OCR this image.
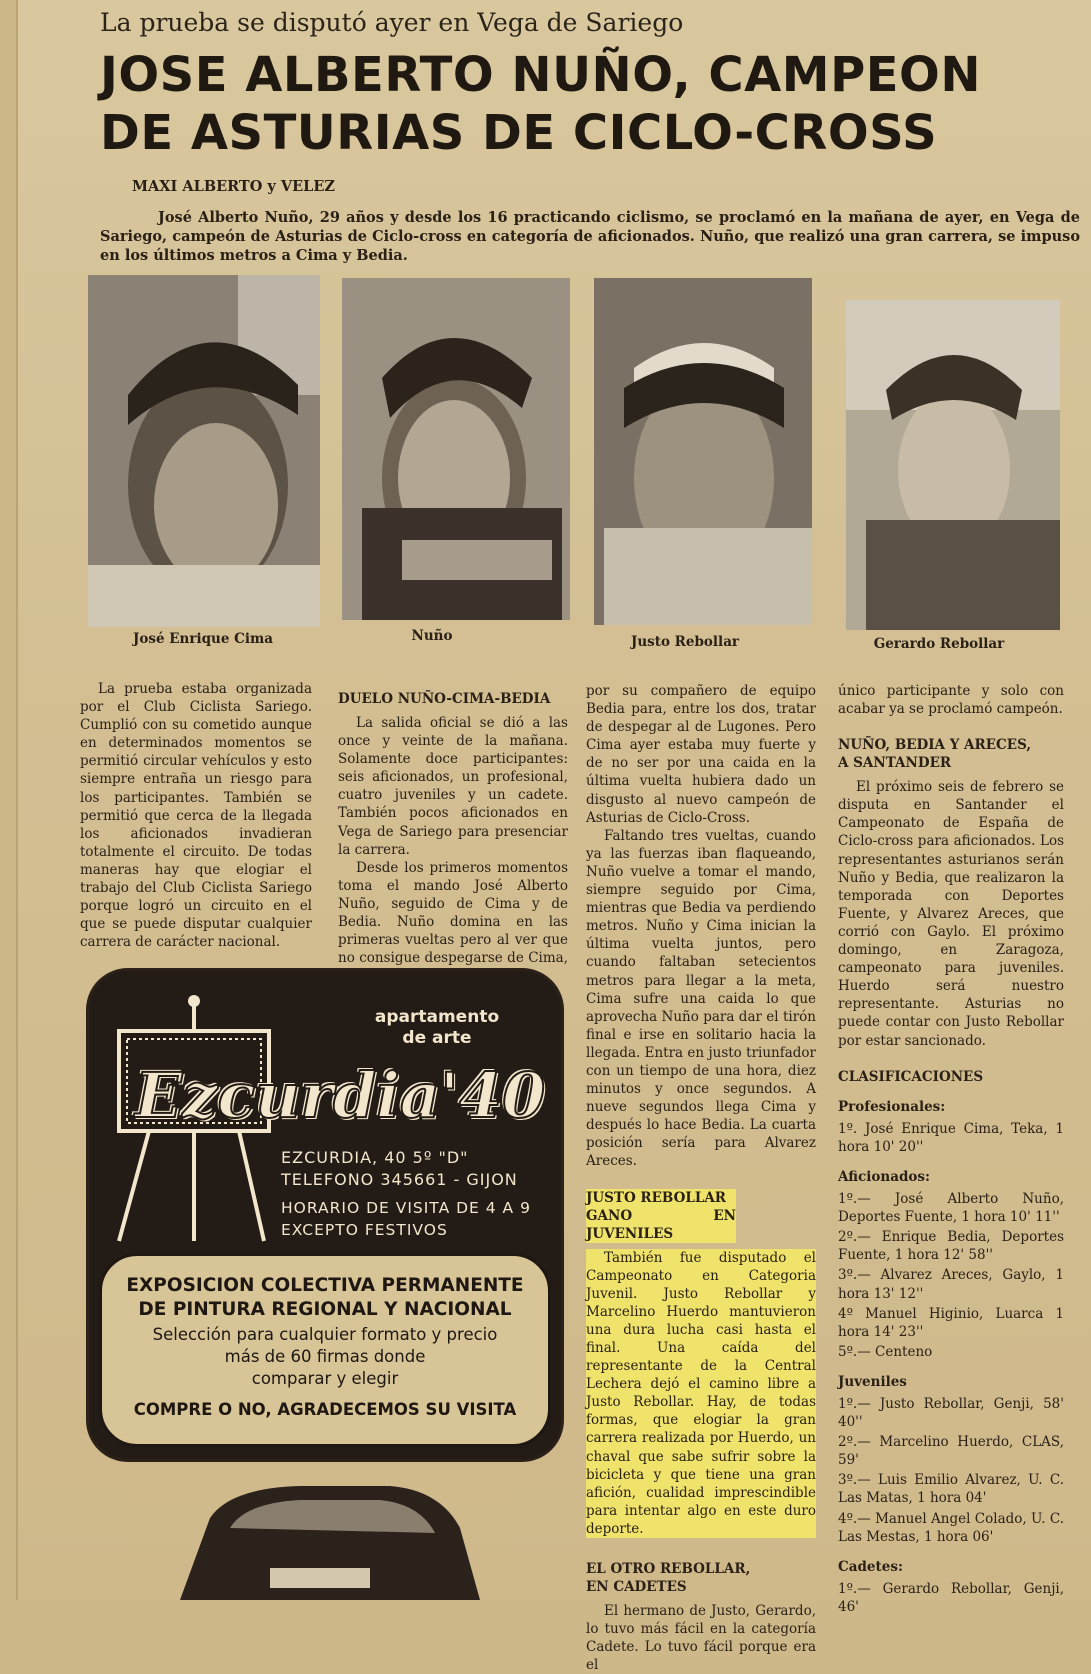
La prueba se disputó ayer en Vega de Sariego
JOSE ALBERTO NUÑO, CAMPEON
DE ASTURIAS DE CICLO-CROSS
MAXI ALBERTO y VELEZ
José Alberto Nuño, 29 años y desde los 16 practicando ciclismo, se proclamó en la mañana de ayer, en Vega de Sariego, campeón de Asturias de Ciclo-cross en categoría de aficionados. Nuño, que realizó una gran carrera, se impuso en los últimos metros a Cima y Bedia.
José Enrique Cima	Nuño	Justo Rebollar	Gerardo Rebollar

La prueba estaba organizada por el Club Ciclista Sariego. Cumplió con su cometido aunque en determinados momentos se permitió circular vehículos y esto siempre entraña un riesgo para los participantes. También se permitió que cerca de la llegada los aficionados invadieran totalmente el circuito. De todas maneras hay que elogiar el trabajo del Club Ciclista Sariego porque logró un circuito en el que se puede disputar cualquier carrera de carácter nacional.

DUELO NUÑO-CIMA-BEDIA

La salida oficial se dió a las once y veinte de la mañana. Solamente doce participantes: seis aficionados, un profesional, cuatro juveniles y un cadete. También pocos aficionados en Vega de Sariego para presenciar la carrera.

Desde los primeros momentos toma el mando José Alberto Nuño, seguido de Cima y de Bedia. Nuño domina en las primeras vueltas pero al ver que no consigue despegarse de Cima,

por su compañero de equipo Bedia para, entre los dos, tratar de despegar al de Lugones. Pero Cima ayer estaba muy fuerte y de no ser por una caida en la última vuelta hubiera dado un disgusto al nuevo campeón de Asturias de Ciclo-Cross.

Faltando tres vueltas, cuando ya las fuerzas iban flaqueando, Nuño vuelve a tomar el mando, siempre seguido por Cima, mientras que Bedia va perdiendo metros. Nuño y Cima inician la última vuelta juntos, pero cuando faltaban setecientos metros para llegar a la meta, Cima sufre una caida lo que aprovecha Nuño para dar el tirón final e irse en solitario hacia la llegada. Entra en justo triunfador con un tiempo de una hora, diez minutos y once segundos. A nueve segundos llega Cima y después lo hace Bedia. La cuarta posición sería para Alvarez Areces.

JUSTO REBOLLAR
GANO EN JUVENILES

También fue disputado el Campeonato en Categoria Juvenil. Justo Rebollar y Marcelino Huerdo mantuvieron una dura lucha casi hasta el final. Una caída del representante de la Central Lechera dejó el camino libre a Justo Rebollar. Hay, de todas formas, que elogiar la gran carrera realizada por Huerdo, un chaval que sabe sufrir sobre la bicicleta y que tiene una gran afición, cualidad imprescindible para intentar algo en este duro deporte.

EL OTRO REBOLLAR,
EN CADETES

El hermano de Justo, Gerardo, lo tuvo más fácil en la categoría Cadete. Lo tuvo fácil porque era el

único participante y solo con acabar ya se proclamó campeón.

NUÑO, BEDIA Y ARECES,
A SANTANDER

El próximo seis de febrero se disputa en Santander el Campeonato de España de Ciclo-cross para aficionados. Los representantes asturianos serán Nuño y Bedia, que realizaron la temporada con Deportes Fuente, y Alvarez Areces, que corrió con Gaylo. El próximo domingo, en Zaragoza, campeonato para juveniles. Huerdo será nuestro representante. Asturias no puede contar con Justo Rebollar por estar sancionado.

CLASIFICACIONES
Profesionales:
1º. José Enrique Cima, Teka, 1 hora 10' 20''
Aficionados:
1º.— José Alberto Nuño, Deportes Fuente, 1 hora 10' 11''
2º.— Enrique Bedia, Deportes Fuente, 1 hora 12' 58''
3º.— Alvarez Areces, Gaylo, 1 hora 13' 12''
4º Manuel Higinio, Luarca 1 hora 14' 23''
5º.— Centeno
Juveniles
1º.— Justo Rebollar, Genji, 58' 40''
2º.— Marcelino Huerdo, CLAS, 59'
3º.— Luis Emilio Alvarez, U. C. Las Matas, 1 hora 04'
4º.— Manuel Angel Colado, U. C. Las Mestas, 1 hora 06'
Cadetes:
1º.— Gerardo Rebollar, Genji, 46'
apartamento
de arte
Ezcurdia'40
EZCURDIA, 40 5º "D"
TELEFONO 345661 - GIJON
HORARIO DE VISITA DE 4 A 9
EXCEPTO FESTIVOS
EXPOSICION COLECTIVA PERMANENTE
DE PINTURA REGIONAL Y NACIONAL
Selección para cualquier formato y precio
más de 60 firmas donde
comparar y elegir
COMPRE O NO, AGRADECEMOS SU VISITA
